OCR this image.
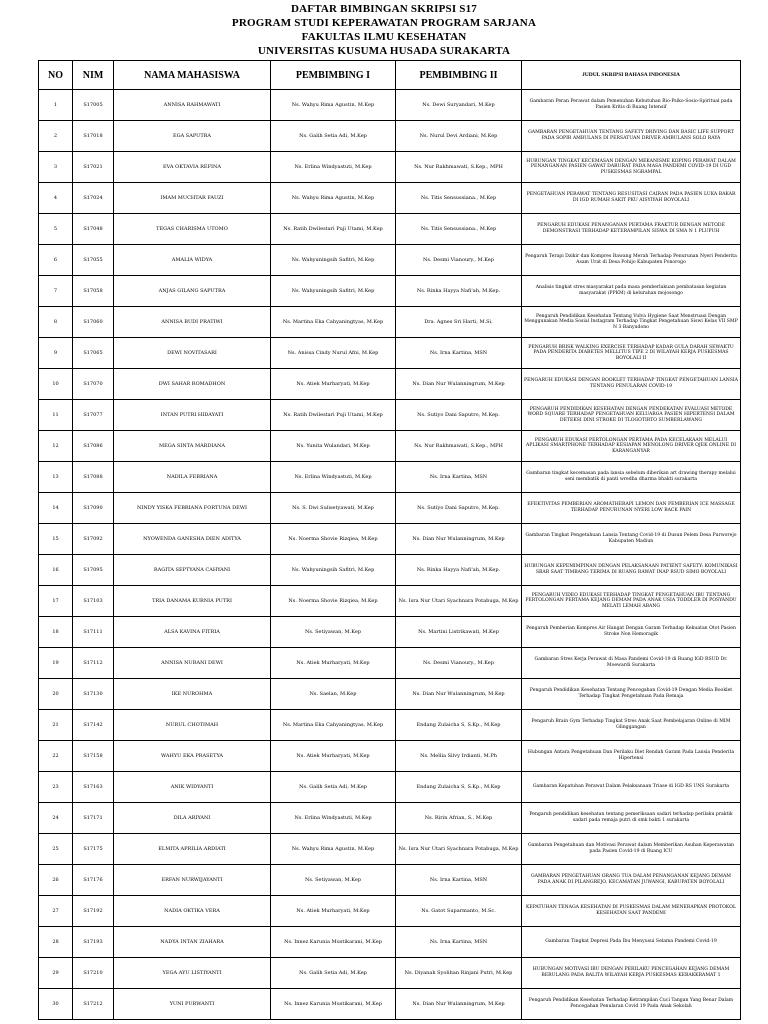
DAFTAR BIMBINGAN SKRIPSI S17
PROGRAM STUDI KEPERAWATAN PROGRAM SARJANA
FAKULTAS ILMU KESEHATAN
UNIVERSITAS KUSUMA HUSADA SURAKARTA
NO	NIM	NAMA MAHASISWA	PEMBIMBING I	PEMBIMBING II	JUDUL SKRIPSI BAHASA INDONESIA
1	S17005	ANNISA RAHMAWATI	Ns. Wahyu Rima Agustin, M.Kep	Ns. Dewi Suryandari, M.Kep	Gambaran Peran Perawat dalam Pemenuhan Kebutuhan Bio-Psiko-Sosio-Spiritual pada Pasien Kritis di Ruang Intensif
2	S17018	EGA SAPUTRA	Ns. Galih Setia Adi, M.Kep	Ns. Nurul Devi Ardiani, M.Kep	GAMBARAN PENGETAHUAN TENTANG SAFETY DRIVING DAN BASIC LIFE SUPPORT PADA SOPIR AMBULANS DI PERSATUAN DRIVER AMBULANS SOLO RAYA
3	S17021	EVA OKTAVIA REFINA	Ns. Erlina Windyastuti, M.Kep	Ns. Nur Rakhmawati, S.Kep., MPH	HUBUNGAN TINGKAT KECEMASAN DENGAN MEKANISME KOPING PERAWAT DALAM PENANGANAN PASIEN GAWAT DARURAT PADA MASA PANDEMI COVID-19 DI UGD PUSKESMAS NGRAMPAL
4	S17024	IMAM MUCHTAR FAUZI	Ns. Wahyu Rima Agustin, M.Kep	Ns. Titis Sensussiana., M.Kep	PENGETAHUAN PERAWAT TENTANG RESUSITASI CAIRAN PADA PASIEN LUKA BAKAR DI IGD RUMAH SAKIT PKU AISYIYAH BOYOLALI
5	S17048	TEGAS CHARISMA UTOMO	Ns. Ratih Dwilestari Puji Utami, M.Kep	Ns. Titis Sensussiana., M.Kep	PENGARUH EDUKASI PENANGANAN PERTAMA FRAKTUR DENGAN METODE DEMONSTRASI TERHADAP KETERAMPILAN SISWA DI SMA N 1 PLUPUH
6	S17055	AMALIA WIDYA	Ns. Wahyuningsih Safitri, M.Kep	Ns. Desmi Vianoury., M.Kep	Pengaruh Terapi Dzikir dan Kompres Bawang Merah Terhadap Penurunan Nyeri Penderita Asam Urat di Desa Pohijo Kabupaten Ponorogo
7	S17058	ANJAS GILANG SAPUTRA	Ns. Wahyuningsih Safitri, M.Kep	Ns. Rinka Hayya Nafi'ah, M.Kep.	Analisis tingkat stres masyarakat pada masa pemberlakuan pembatasan kegiatan masyarakat (PPKM) di kelurahan mojosongo
8	S17060	ANNISA BUDI PRATIWI	Ns. Martina Eka Cahyaningtyas, M.Kep	Dra. Agnes Sri Harti, M.Si.	Pengaruh Pendidikan Kesehatan Tentang Vulva Hygiene Saat Menstruasi Dengan Menggunakan Media Sosial Instagram Terhadap Tingkat Pengetahuan Siswi Kelas VII SMP N 3 Banyudono
9	S17065	DEWI NOVITASARI	Ns. Anissa Cindy Nurul Afni, M.Kep	Ns. Irna Kartina, MSN	PENGARUH BRISK WALKING EXERCISE TERHADAP KADAR GULA DARAH SEWAKTU PADA PENDERITA DIABETES MELLITUS TIPE 2 DI WILAYAH KERJA PUSKESMAS BOYOLALI II
10	S17070	DWI SAHAR ROMADHON	Ns. Atiek Murharyati, M.Kep	Ns. Dian Nur Wulanningrum, M.Kep	PENGARUH EDUKASI DENGAN BOOKLET TERHADAP TINGKAT PENGETAHUAN LANSIA TENTANG PENULARAN COVID-19
11	S17077	INTAN PUTRI HIDAYATI	Ns. Ratih Dwilestari Puji Utami, M.Kep	Ns. Sutiyo Dani Saputro, M.Kep.	PENGARUH PENDIDIKAN KESEHATAN DENGAN PENDEKATAN EVALUASI METODE WORD SQUARE TERHADAP PENGETAHUAN KELUARGA PASIEN HIPERTENSI DALAM DETEKSI DINI STROKE DI TLOGOTIRTO SUMBERLAWANG
12	S17086	MEGA SINTA MARDIANA	Ns. Yunita Wulandari, M.Kep	Ns. Nur Rakhmawati, S.Kep., MPH	PENGARUH EDUKASI PERTOLONGAN PERTAMA PADA KECELAKAAN MELALUI APLIKASI SMARTPHONE TERHADAP KESIAPAN MENOLONG DRIVER OJEK ONLINE DI KARANGANYAR
13	S17088	NADILA FEBRIANA	Ns. Erlina Windyastuti, M.Kep	Ns. Irna Kartina, MSN	Gambaran tingkat kecemasan pada lansia sebelum diberikan art drawing therapy melalui seni membatik di panti wredha dharma bhakti surakarta
14	S17090	NINDY YISKA FEBRIANA FORTUNA DEWI	Ns. S. Dwi Sulisetyawati, M.Kep	Ns. Sutiyo Dani Saputro, M.Kep.	EFEKTIVITAS PEMBERIAN AROMATHERAPI LEMON DAN PEMBERIAN ICE MASSAGE TERHADAP PENURUNAN NYERI LOW BACK PAIN
15	S17092	NYOWENDA GANESHA DIEN ADITYA	Ns. Noerma Shovie Rizqiea, M.Kep	Ns. Dian Nur Wulanningrum, M.Kep	Gambaran Tingkat Pengetahuan Lansia Tentang Covid-19 di Dusun Pelem Desa Purworejo Kabupaten Madiun
16	S17095	RAGITA SEPTYANA CAHYANI	Ns. Wahyuningsih Safitri, M.Kep	Ns. Rinka Hayya Nafi'ah, M.Kep.	HUBUNGAN KEPEMIMPINAN DENGAN PELAKSANAAN PATIENT SAFETY: KOMUNIKASI SBAR SAAT TIMBANG TERIMA DI RUANG RAWAT INAP RSUD SIMO BOYOLALI
17	S17103	TRIA DANAMA KURNIA PUTRI	Ns. Noerma Shovie Rizqiea, M.Kep	Ns. Isra Nur Utari Syachnara Potabuga, M.Kep	PENGARUH VIDEO EDUKASI TERHADAP TINGKAT PENGETAHUAN IBU TENTANG PERTOLONGAN PERTAMA KEJANG DEMAM PADA ANAK USIA TODDLER DI POSYANDU MELATI LEMAH ABANG
18	S17111	ALSA KAVINA FITRIA	Ns. Setiyawan, M.Kep	Ns. Martini Listrikawati, M.Kep	Pengaruh Pemberian Kompres Air Hangat Dengan Garam Terhadap Kekuatan Otot Pasien Stroke Non Hemoragik
19	S17112	ANNISA NURANI DEWI	Ns. Atiek Murharyati, M.Kep	Ns. Desmi Vianoury., M.Kep	Gambaran Stres Kerja Perawat di Masa Pandemi Covid-19 di Ruang IGD RSUD Dr. Moewardi Surakarta
20	S17130	IKE NUROHMA	Ns. Saelan, M.Kep	Ns. Dian Nur Wulanningrum, M.Kep	Pengaruh Pendidikan Kesehatan Tentang Pencegahan Covid-19 Dengan Media Booklet Terhadap Tingkat Pengetahuan Pada Remaja
21	S17142	NURUL CHOTIMAH	Ns. Martina Eka Cahyaningtyas, M.Kep	Endang Zulaicha S, S.Kp., M.Kep	Pengaruh Brain Gym Terhadap Tingkat Stres Anak Saat Pembelajaran Online di MIM Glinggangan
22	S17158	WAHYU EKA PRASETYA	Ns. Atiek Murharyati, M.Kep	Ns. Mellia Silvy Irdianti, M.Ph	Hubungan Antara Pengetahuan Dan Perilaku Diet Rendah Garam Pada Lansia Penderita Hipertensi
23	S17163	ANIK WIDYANTI	Ns. Galih Setia Adi, M.Kep	Endang Zulaicha S, S.Kp., M.Kep	Gambaran Kepatuhan Perawat Dalam Pelaksanaan Triase di IGD RS UNS Surakarta
24	S17171	DILA ARIYANI	Ns. Erlina Windyastuti, M.Kep	Ns. Ririn Afrian, S., M.Kep	Pengaruh pendidikan kesehatan tentang pemeriksaan sadari terhadap perilaku praktik sadari pada remaja putri di smk bakti 1 surakarta
25	S17175	ELMITA APRILIA ARDIATI	Ns. Wahyu Rima Agustin, M.Kep	Ns. Isra Nur Utari Syachnara Potabuga, M.Kep	Gambaran Pengetahuan dan Motivasi Perawat dalam Memberikan Asuhan Keperawatan pada Pasien Covid-19 di Ruang ICU
26	S17176	ERFAN NURWIJAYANTI	Ns. Setiyawan, M.Kep	Ns. Irna Kartina, MSN	GAMBARAN PENGETAHUAN ORANG TUA DALAM PENANGANAN KEJANG DEMAM PADA ANAK DI PILANGREJO, KECAMATAN JUWANGI, KABUPATEN BOYOLALI
27	S17192	NADIA OKTIKA VERA	Ns. Atiek Murharyati, M.Kep	Ns. Gatot Suparmanto, M.Sc.	KEPATUHAN TENAGA KESEHATAN DI PUSKESMAS DALAM MENERAPKAN PROTOKOL KESEHATAN SAAT PANDEMI
28	S17193	NADYA INTAN ZIAHARA	Ns. Innez Karunia Mustikarani, M.Kep	Ns. Irna Kartina, MSN	Gambaran Tingkat Depresi Pada Ibu Menyusui Selama Pandemi Covid-19
29	S17210	YEGA AYU LISTIYANTI	Ns. Galih Setia Adi, M.Kep	Ns. Diyanah Syolihan Rinjani Putri, M.Kep	HUBUNGAN MOTIVASI IBU DENGAN PERILAKU PENCEGAHAN KEJANG DEMAM BERULANG PADA BALITA WILAYAH KERJA PUSKESMAS KEBAKKRAMAT 1
30	S17212	YUNI PURWANTI	Ns. Innez Karunia Mustikarani, M.Kep	Ns. Dian Nur Wulanningrum, M.Kep	Pengaruh Pendidikan Kesehatan Terhadap Ketrampilan Cuci Tangan Yang Benar Dalam Pencegahan Penularan Covid 19 Pada Anak Sekolah
